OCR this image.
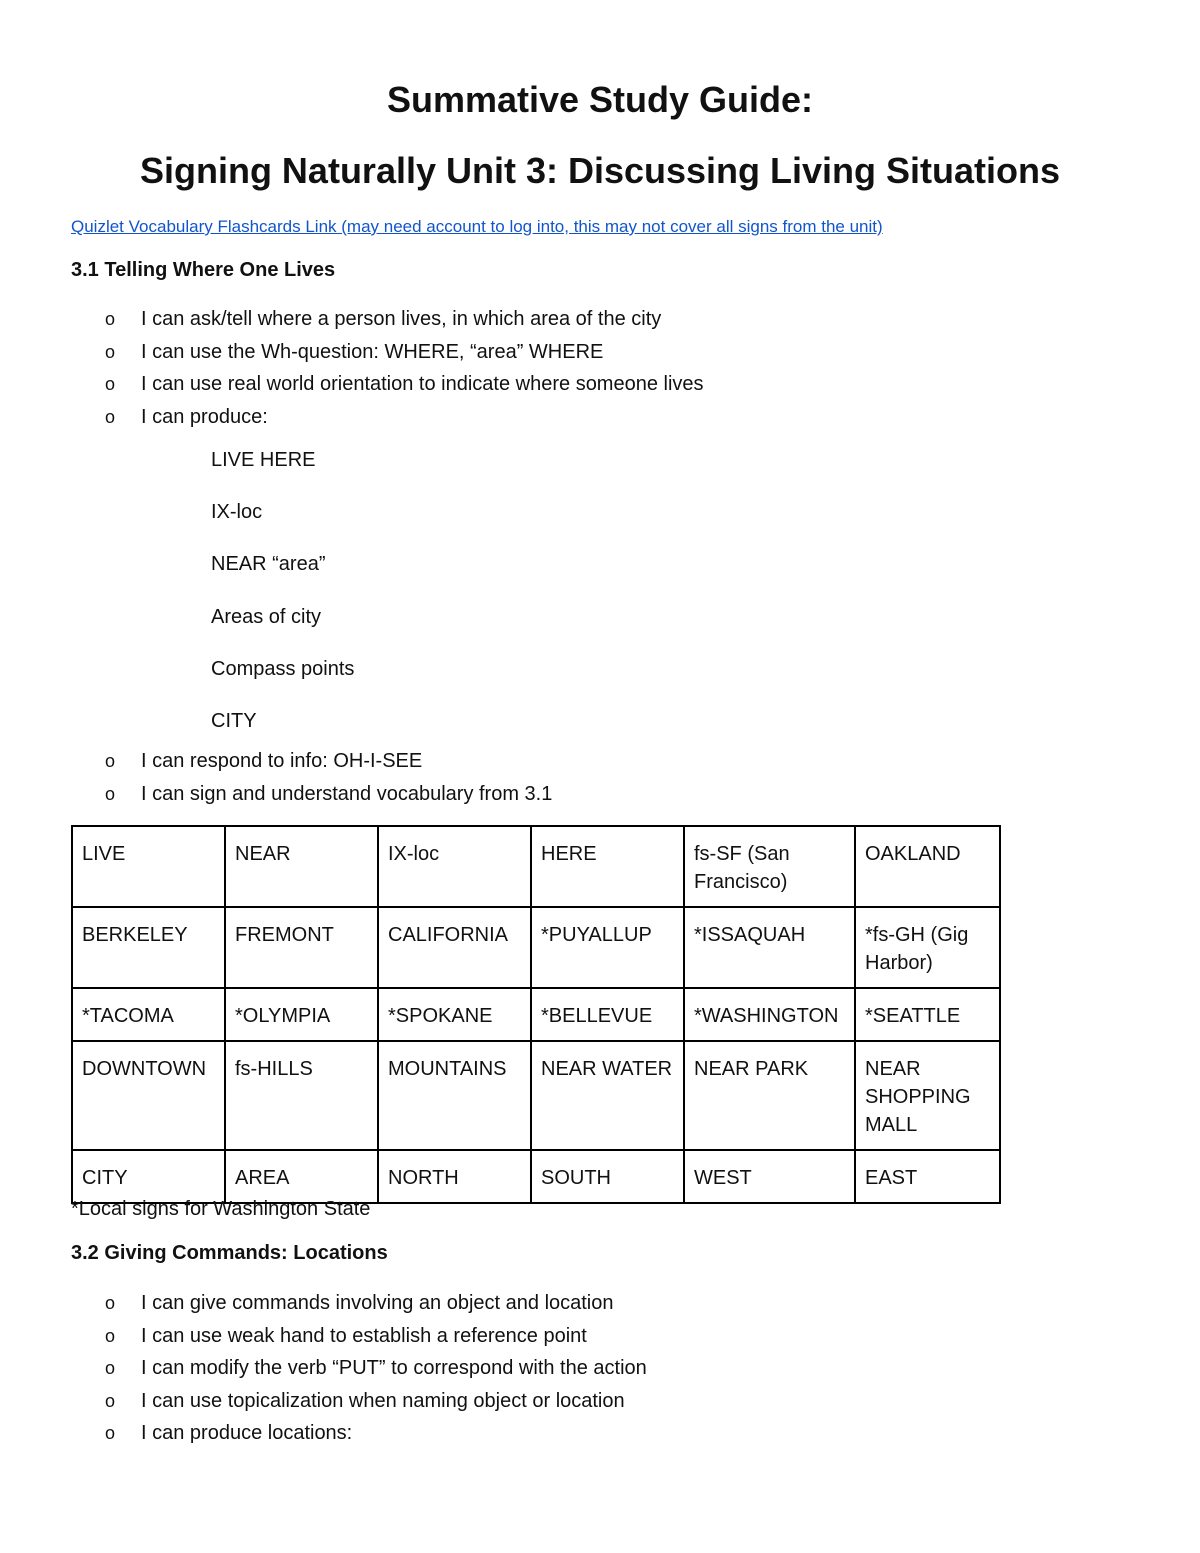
Summative Study Guide:
Signing Naturally Unit 3: Discussing Living Situations
Quizlet Vocabulary Flashcards Link (may need account to log into, this may not cover all signs from the unit)
3.1 Telling Where One Lives
o I can ask/tell where a person lives, in which area of the city
o I can use the Wh-question: WHERE, “area” WHERE
o I can use real world orientation to indicate where someone lives
o I can produce:
LIVE HERE
IX-loc
NEAR “area”
Areas of city
Compass points
CITY
o I can respond to info: OH-I-SEE
o I can sign and understand vocabulary from 3.1
LIVE	NEAR	IX-loc	HERE	fs-SF (San Francisco)	OAKLAND
BERKELEY	FREMONT	CALIFORNIA	*PUYALLUP	*ISSAQUAH	*fs-GH (Gig Harbor)
*TACOMA	*OLYMPIA	*SPOKANE	*BELLEVUE	*WASHINGTON	*SEATTLE
DOWNTOWN	fs-HILLS	MOUNTAINS	NEAR WATER	NEAR PARK	NEAR SHOPPING MALL
CITY	AREA	NORTH	SOUTH	WEST	EAST
*Local signs for Washington State
3.2 Giving Commands: Locations
o I can give commands involving an object and location
o I can use weak hand to establish a reference point
o I can modify the verb “PUT” to correspond with the action
o I can use topicalization when naming object or location
o I can produce locations:
